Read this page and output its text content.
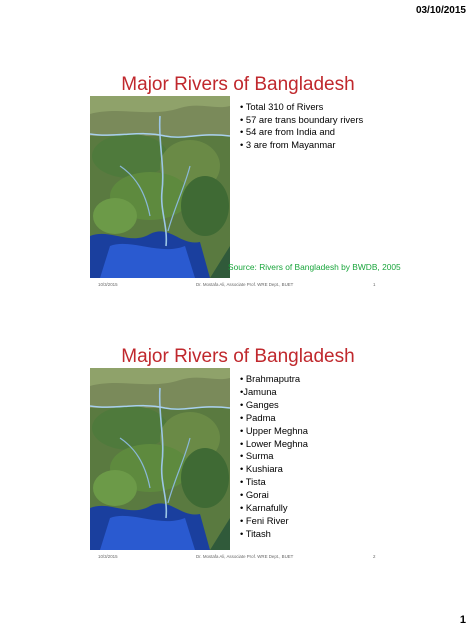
03/10/2015
Major Rivers of Bangladesh
• Total 310 of Rivers
• 57 are trans boundary rivers
• 54 are from India and
• 3 are from Mayanmar
Source: Rivers of Bangladesh by BWDB, 2005
10/3/2015	Dr. Mostafa Ali, Associate Prof. WRE Dept., BUET	1
Major Rivers of Bangladesh
• Brahmaputra
•Jamuna
• Ganges
• Padma
• Upper Meghna
• Lower Meghna
• Surma
• Kushiara
• Tista
• Gorai
• Karnafully
• Feni River
• Titash
10/3/2015	Dr. Mostafa Ali, Associate Prof. WRE Dept., BUET	2
1
